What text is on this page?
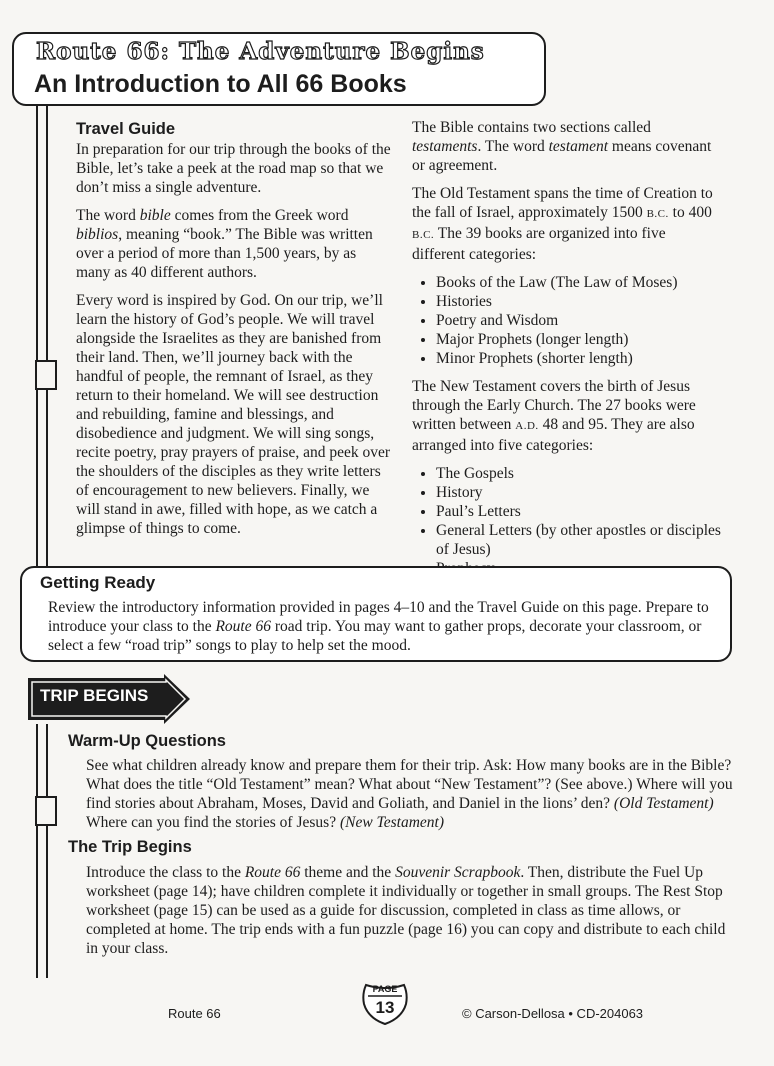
Route 66: The Adventure Begins
An Introduction to All 66 Books
Travel Guide

In preparation for our trip through the books of the Bible, let’s take a peek at the road map so that we don’t miss a single adventure.

The word bible comes from the Greek word biblios, meaning “book.” The Bible was written over a period of more than 1,500 years, by as many as 40 different authors.

Every word is inspired by God. On our trip, we’ll learn the history of God’s people. We will travel alongside the Israelites as they are banished from their land. Then, we’ll journey back with the handful of people, the remnant of Israel, as they return to their homeland. We will see destruction and rebuilding, famine and blessings, and disobedience and judgment. We will sing songs, recite poetry, pray prayers of praise, and peek over the shoulders of the disciples as they write letters of encouragement to new believers. Finally, we will stand in awe, filled with hope, as we catch a glimpse of things to come.

The Bible contains two sections called testaments. The word testament means covenant or agreement.

The Old Testament spans the time of Creation to the fall of Israel, approximately 1500 B.C. to 400 B.C. The 39 books are organized into five different categories:

• Books of the Law (The Law of Moses)
• Histories
• Poetry and Wisdom
• Major Prophets (longer length)
• Minor Prophets (shorter length)

The New Testament covers the birth of Jesus through the Early Church. The 27 books were written between A.D. 48 and 95. They are also arranged into five categories:

• The Gospels
• History
• Paul’s Letters
• General Letters (by other apostles or disciples of Jesus)
•
Getting Ready
Review the introductory information provided in pages 4–10 and the Travel Guide on this page. Prepare to introduce your class to the Route 66 road trip. You may want to gather props, decorate your classroom, or select a few “road trip” songs to play to help set the mood.
TRIP BEGINS
Warm-Up Questions

See what children already know and prepare them for their trip. Ask: How many books are in the Bible? What does the title “Old Testament” mean? What about “New Testament”? (See above.) Where will you find stories about Abraham, Moses, David and Goliath, and Daniel in the lions’ den? (Old Testament) Where can you find the stories of Jesus? (New Testament)

The Trip Begins

Introduce the class to the Route 66 theme and the Souvenir Scrapbook. Then, distribute the Fuel Up worksheet (page 14); have children complete it individually or together in small groups. The Rest Stop worksheet (page 15) can be used as a guide for discussion, completed in class as time allows, or completed at home. The trip ends with a fun puzzle (page 16) you can copy and distribute to each child in your class.

Route 66
PAGE
13	© Carson-Dellosa • CD-204063
